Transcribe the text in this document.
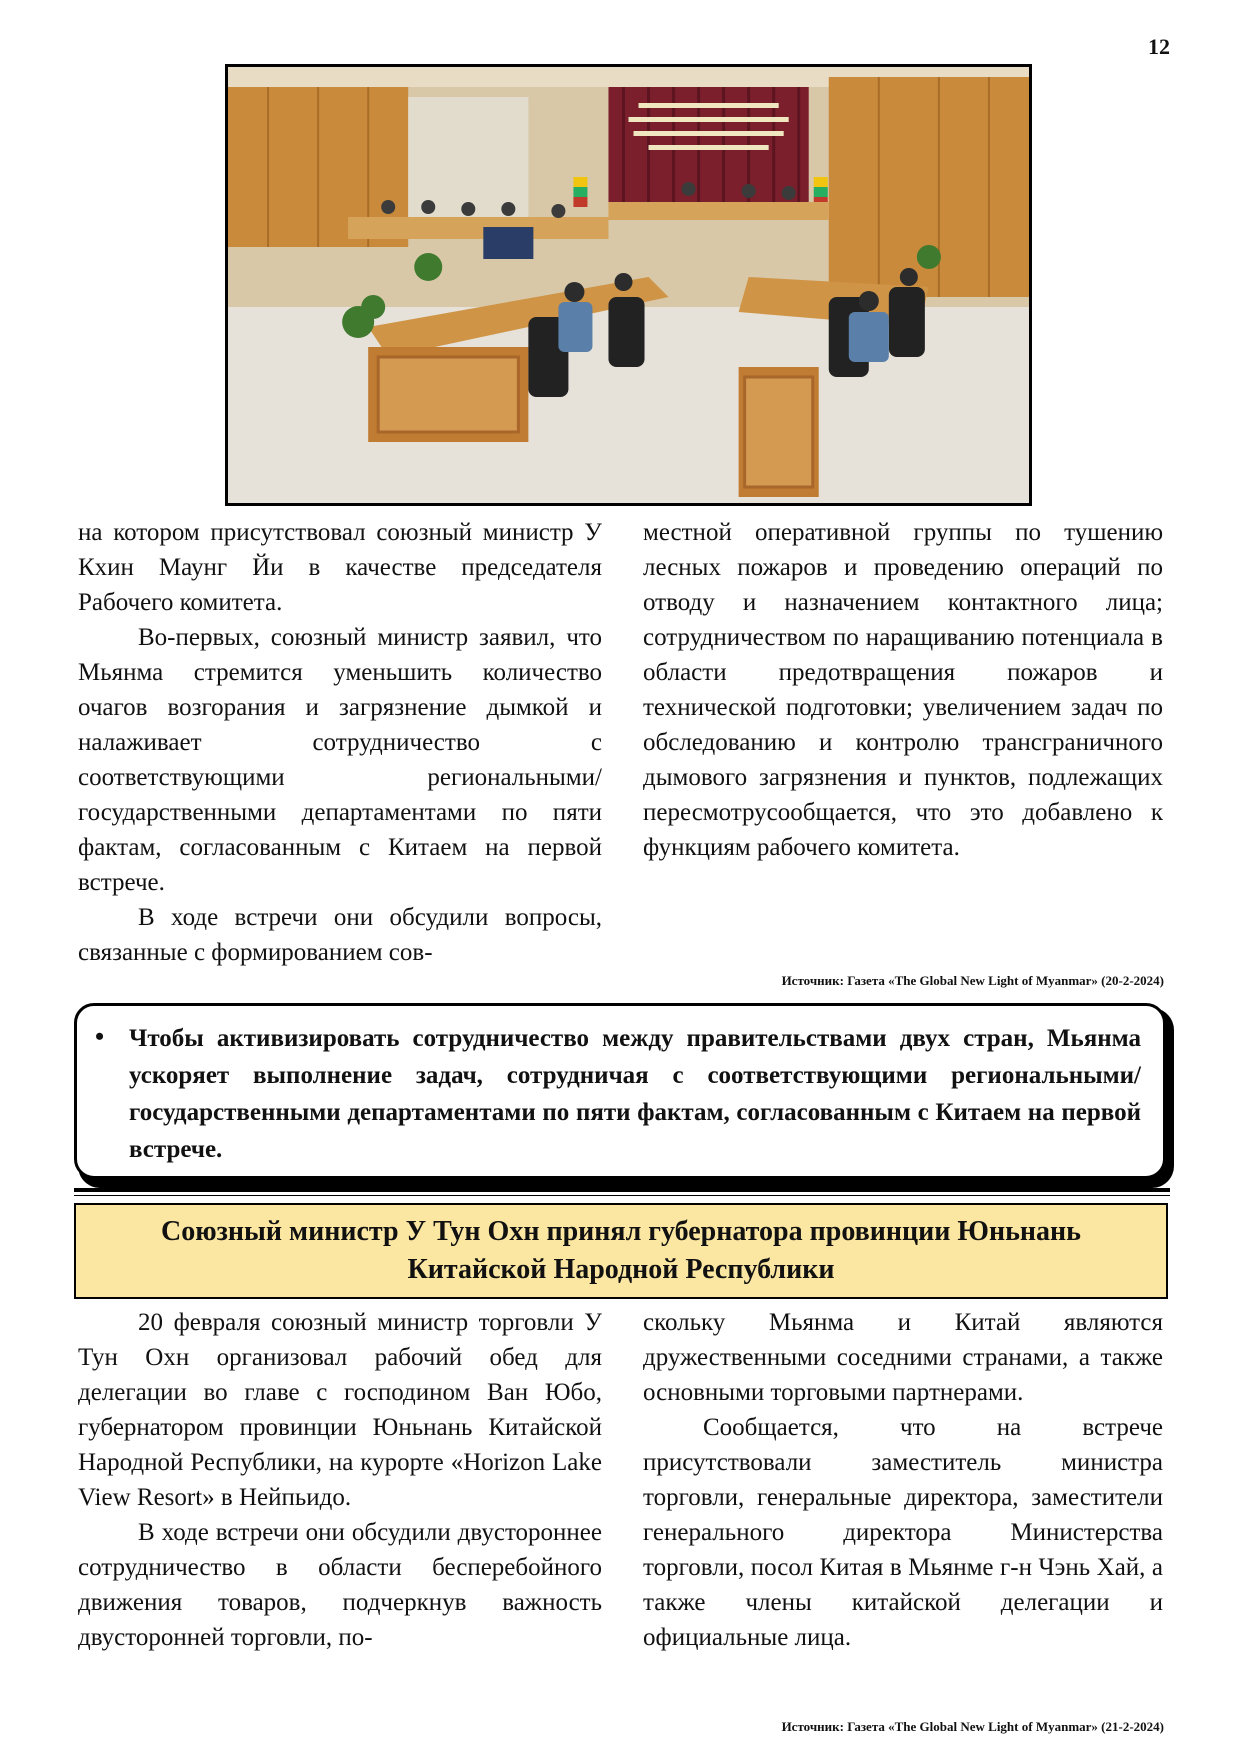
12

на котором присутствовал союзный министр У Кхин Маунг Йи в качестве председателя Рабочего комитета.

Во-первых, союзный министр заявил, что Мьянма стремится уменьшить количество очагов возгорания и загрязнение дымкой и налаживает сотрудничество с соответствующими региональными/государственными департаментами по пяти фактам, согласованным с Китаем на первой встрече.

В ходе встречи они обсудили вопросы, связанные с формированием сов-

местной оперативной группы по тушению лесных пожаров и проведению операций по отводу и назначением контактного лица; сотрудничеством по наращиванию потенциала в области предотвращения пожаров и технической подготовки; увеличением задач по обследованию и контролю трансграничного дымового загрязнения и пунктов, подлежащих пересмотрусообщается, что это добавлено к функциям рабочего комитета.

Источник: Газета «The Global New Light of Myanmar» (20-2-2024)
• Чтобы активизировать сотрудничество между правительствами двух стран, Мьянма ускоряет выполнение задач, сотрудничая с соответствующими региональными/государственными департаментами по пяти фактам, согласованным с Китаем на первой встрече.

Союзный министр У Тун Охн принял губернатора провинции Юньнань
Китайской Народной Республики

20 февраля союзный министр торговли У Тун Охн организовал рабочий обед для делегации во главе с господином Ван Юбо, губернатором провинции Юньнань Китайской Народной Республики, на курорте «Horizon Lake View Resort» в Нейпьидо.

В ходе встречи они обсудили двустороннее сотрудничество в области бесперебойного движения товаров, подчеркнув важность двусторонней торговли, по-

скольку Мьянма и Китай являются дружественными соседними странами, а также основными торговыми партнерами.

Сообщается, что на встрече присутствовали заместитель министра торговли, генеральные директора, заместители генерального директора Министерства торговли, посол Китая в Мьянме г-н Чэнь Хай, а также члены китайской делегации и официальные лица.

Источник: Газета «The Global New Light of Myanmar» (21-2-2024)
